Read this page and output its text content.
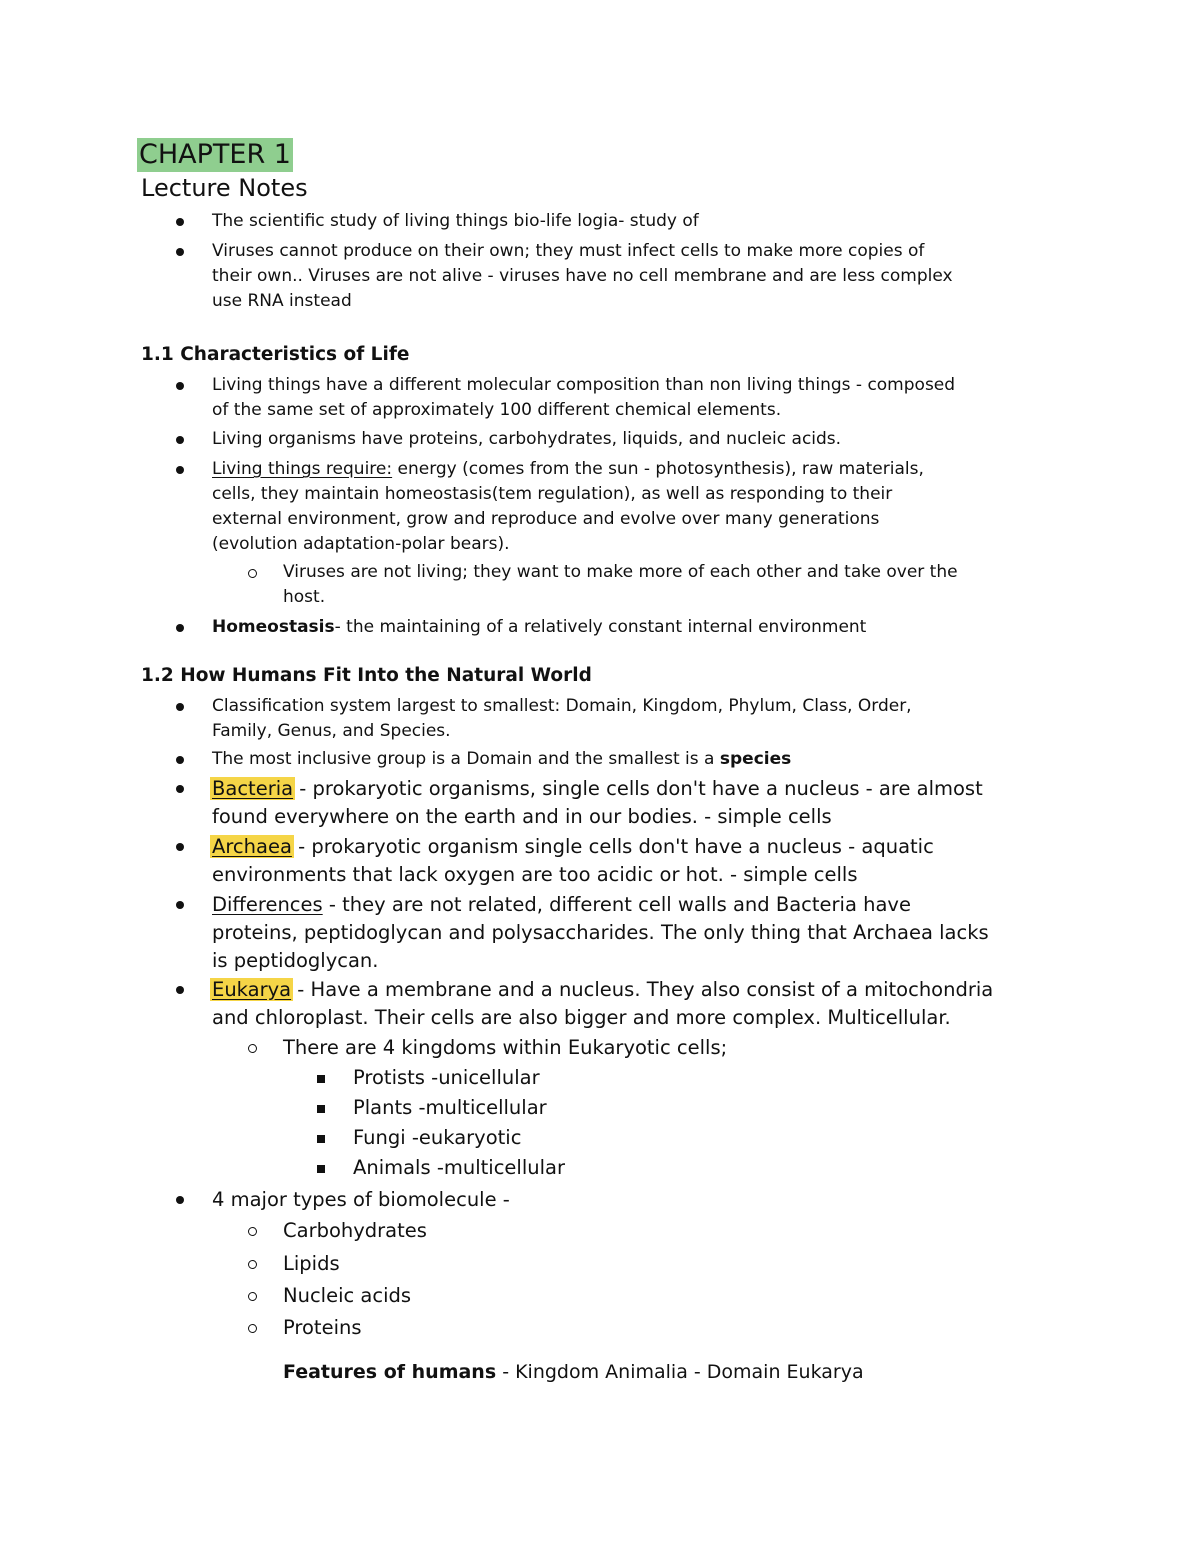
CHAPTER 1
Lecture Notes

The scientific study of living things bio-life logia- study of

Viruses cannot produce on their own; they must infect cells to make more copies of

their own.. Viruses are not alive - viruses have no cell membrane and are less complex

use RNA instead

1.1 Characteristics of Life

Living things have a different molecular composition than non living things - composed

of the same set of approximately 100 different chemical elements.

Living organisms have proteins, carbohydrates, liquids, and nucleic acids.

Living things require: energy (comes from the sun - photosynthesis), raw materials,

cells, they maintain homeostasis(tem regulation), as well as responding to their

external environment, grow and reproduce and evolve over many generations

(evolution adaptation-polar bears).

Viruses are not living; they want to make more of each other and take over the

host.

Homeostasis- the maintaining of a relatively constant internal environment

1.2 How Humans Fit Into the Natural World

Classification system largest to smallest: Domain, Kingdom, Phylum, Class, Order,

Family, Genus, and Species.

The most inclusive group is a Domain and the smallest is a species

Bacteria - prokaryotic organisms, single cells don't have a nucleus - are almost

found everywhere on the earth and in our bodies. - simple cells

Archaea - prokaryotic organism single cells don't have a nucleus - aquatic

environments that lack oxygen are too acidic or hot. - simple cells

Differences - they are not related, different cell walls and Bacteria have

proteins, peptidoglycan and polysaccharides. The only thing that Archaea lacks

is peptidoglycan.

Eukarya - Have a membrane and a nucleus. They also consist of a mitochondria

and chloroplast. Their cells are also bigger and more complex. Multicellular.

There are 4 kingdoms within Eukaryotic cells;

Protists -unicellular

Plants -multicellular

Fungi -eukaryotic

Animals -multicellular

4 major types of biomolecule -

Carbohydrates

Lipids

Nucleic acids

Proteins

Features of humans - Kingdom Animalia - Domain Eukarya
